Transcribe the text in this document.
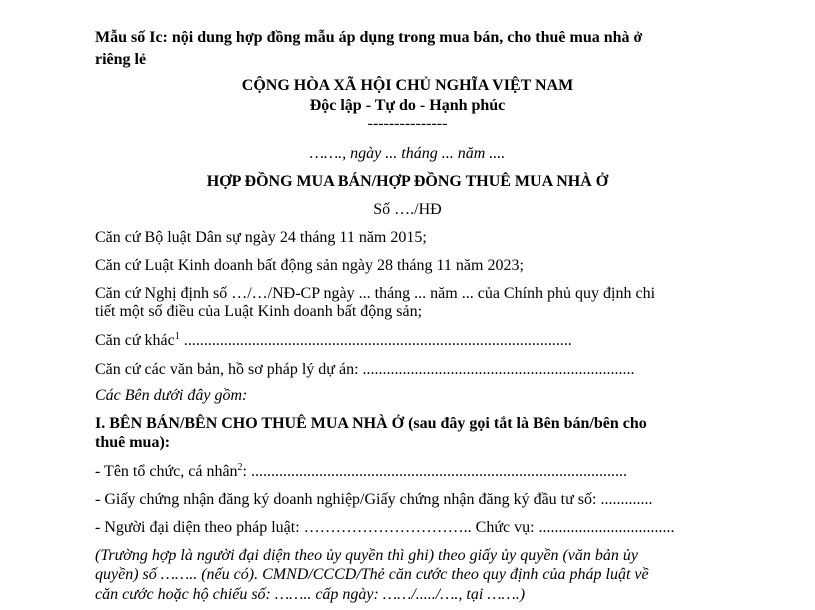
Mẫu số Ic: nội dung hợp đồng mẫu áp dụng trong mua bán, cho thuê mua nhà ở
riêng lẻ
CỘNG HÒA XÃ HỘI CHỦ NGHĨA VIỆT NAM
Độc lập - Tự do - Hạnh phúc
---------------
……., ngày ... tháng ... năm ....
HỢP ĐỒNG MUA BÁN/HỢP ĐỒNG THUÊ MUA NHÀ Ở
Số …./HĐ
Căn cứ Bộ luật Dân sự ngày 24 tháng 11 năm 2015;
Căn cứ Luật Kinh doanh bất động sản ngày 28 tháng 11 năm 2023;
Căn cứ Nghị định số …/…/NĐ-CP ngày ... tháng ... năm ... của Chính phủ quy định chi
tiết một số điều của Luật Kinh doanh bất động sản;
Căn cứ khác$^1$ .................................................................................................
Căn cứ các văn bản, hồ sơ pháp lý dự án: ....................................................................
Các Bên dưới đây gồm:
I. BÊN BÁN/BÊN CHO THUÊ MUA NHÀ Ở (sau đây gọi tắt là Bên bán/bên cho
thuê mua):
- Tên tổ chức, cá nhân$^2$: ..............................................................................................
- Giấy chứng nhận đăng ký doanh nghiệp/Giấy chứng nhận đăng ký đầu tư số: .............
- Người đại diện theo pháp luật: ………………………….. Chức vụ: ..................................
(Trường hợp là người đại diện theo ủy quyền thì ghi) theo giấy ủy quyền (văn bản ủy
quyền) số …….. (nếu có). CMND/CCCD/Thẻ căn cước theo quy định của pháp luật về
căn cước hoặc hộ chiếu số: …….. cấp ngày: ……/...../…., tại …….)
